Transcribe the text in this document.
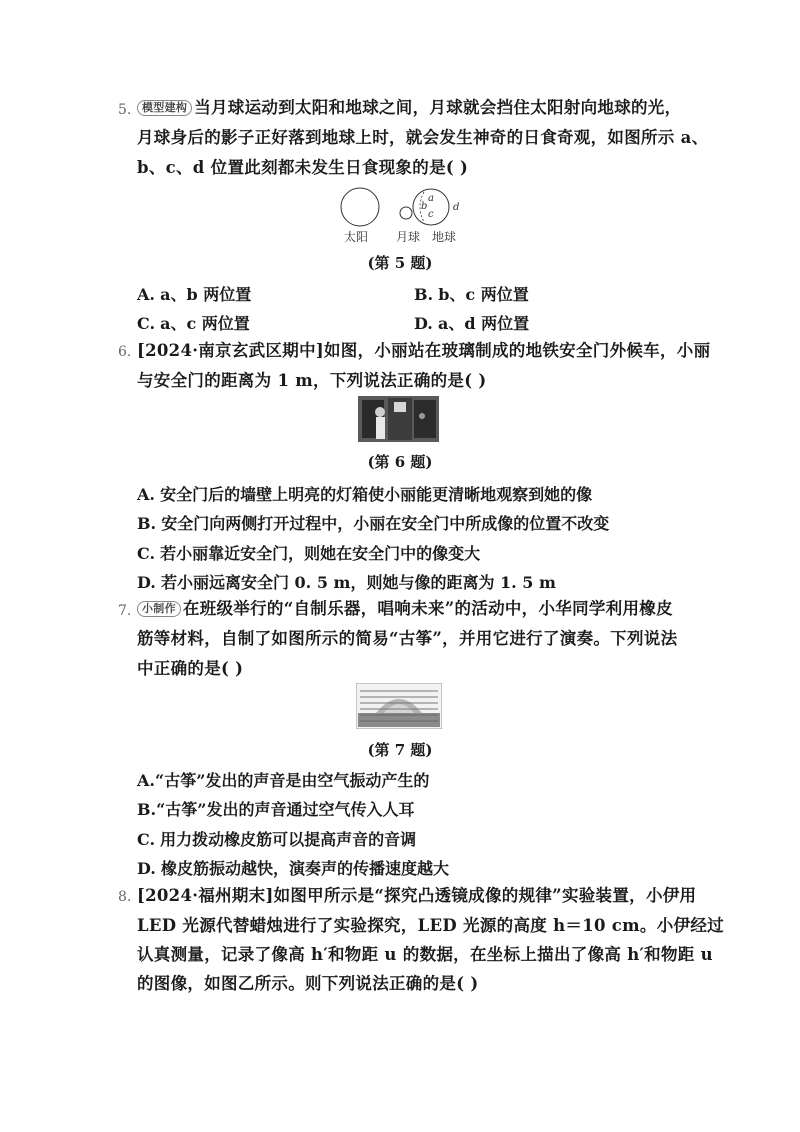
5. 模型建构 当月球运动到太阳和地球之间，月球就会挡住太阳射向地球的光，
月球身后的影子正好落到地球上时，就会发生神奇的日食奇观，如图所示 a、
b、c、d 位置此刻都未发生日食现象的是( )
a
b
c
d
太阳 月球 地球
(第 5 题)
A. a、b 两位置	B. b、c 两位置
C. a、c 两位置	D. a、d 两位置
6. [2024·南京玄武区期中]如图，小丽站在玻璃制成的地铁安全门外候车，小丽
与安全门的距离为 1 m，下列说法正确的是( )
(第 6 题)
A. 安全门后的墙壁上明亮的灯箱使小丽能更清晰地观察到她的像
B. 安全门向两侧打开过程中，小丽在安全门中所成像的位置不改变
C. 若小丽靠近安全门，则她在安全门中的像变大
D. 若小丽远离安全门 0. 5 m，则她与像的距离为 1. 5 m
7. 小制作 在班级举行的“自制乐器，唱响未来”的活动中，小华同学利用橡皮
筋等材料，自制了如图所示的简易“古筝”，并用它进行了演奏。下列说法
中正确的是( )
(第 7 题)
A.“古筝”发出的声音是由空气振动产生的
B.“古筝”发出的声音通过空气传入人耳
C. 用力拨动橡皮筋可以提高声音的音调
D. 橡皮筋振动越快，演奏声的传播速度越大
8. [2024·福州期末]如图甲所示是“探究凸透镜成像的规律”实验装置，小伊用
LED 光源代替蜡烛进行了实验探究，LED 光源的高度 h＝10 cm。小伊经过
认真测量，记录了像高 h′和物距 u 的数据，在坐标上描出了像高 h′和物距 u
的图像，如图乙所示。则下列说法正确的是( )
